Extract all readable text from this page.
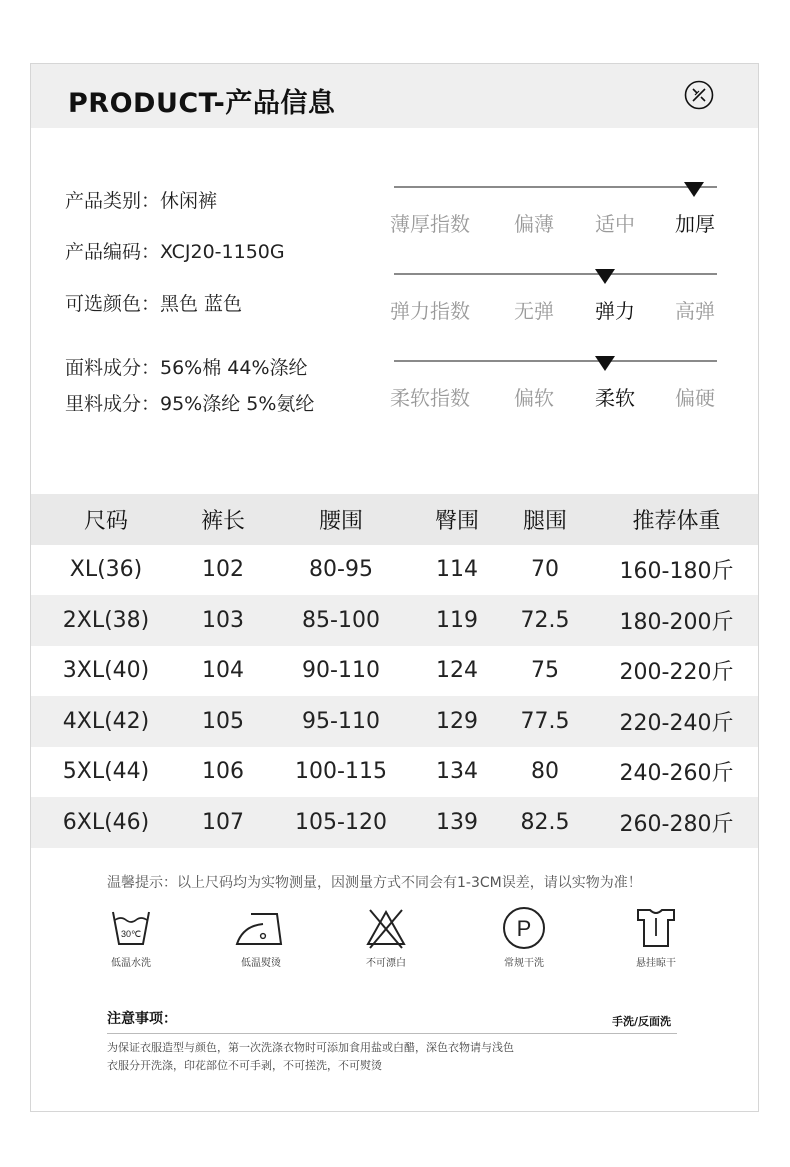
PRODUCT-产品信息
产品类别：休闲裤
产品编码：XCJ20-1150G
可选颜色：黑色 蓝色
面料成分：56%棉 44%涤纶
里料成分：95%涤纶 5%氨纶
薄厚指数 偏薄 适中 加厚
弹力指数 无弹 弹力 高弹
柔软指数 偏软 柔软 偏硬
尺码	裤长	腰围	臀围	腿围	推荐体重
XL(36)	102	80-95	114	70	160-180斤
2XL(38)	103	85-100	119	72.5	180-200斤
3XL(40)	104	90-110	124	75	200-220斤
4XL(42)	105	95-110	129	77.5	220-240斤
5XL(44)	106	100-115	134	80	240-260斤
6XL(46)	107	105-120	139	82.5	260-280斤
温馨提示：以上尺码均为实物测量，因测量方式不同会有1-3CM误差，请以实物为准！
30℃
低温水洗	低温熨烫	不可漂白
P
常规干洗	悬挂晾干
注意事项：	手洗/反面洗
为保证衣服造型与颜色，第一次洗涤衣物时可添加食用盐或白醋，深色衣物请与浅色
衣服分开洗涤，印花部位不可手剥，不可搓洗，不可熨烫
